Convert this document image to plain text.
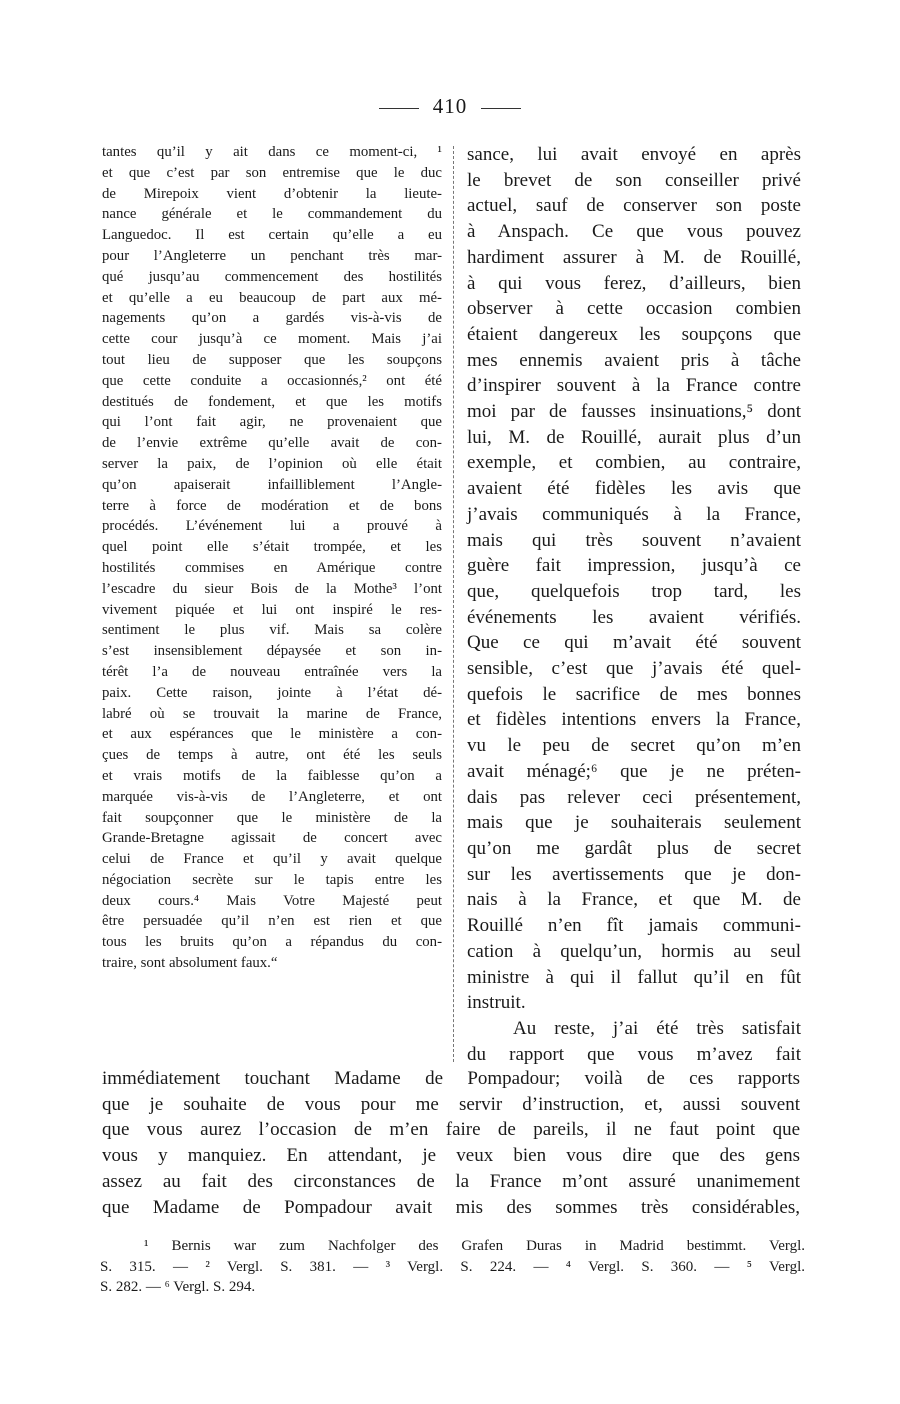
410
tantes qu’il y ait dans ce moment-ci, ¹
et que c’est par son entremise que le duc
de Mirepoix vient d’obtenir la lieute-
nance générale et le commandement du
Languedoc. Il est certain qu’elle a eu
pour l’Angleterre un penchant très mar-
qué jusqu’au commencement des hostilités
et qu’elle a eu beaucoup de part aux mé-
nagements qu’on a gardés vis-à-vis de
cette cour jusqu’à ce moment. Mais j’ai
tout lieu de supposer que les soupçons
que cette conduite a occasionnés,² ont été
destitués de fondement, et que les motifs
qui l’ont fait agir, ne provenaient que
de l’envie extrême qu’elle avait de con-
server la paix, de l’opinion où elle était
qu’on apaiserait infailliblement l’Angle-
terre à force de modération et de bons
procédés. L’événement lui a prouvé à
quel point elle s’était trompée, et les
hostilités commises en Amérique contre
l’escadre du sieur Bois de la Mothe³ l’ont
vivement piquée et lui ont inspiré le res-
sentiment le plus vif. Mais sa colère
s’est insensiblement dépaysée et son in-
térêt l’a de nouveau entraînée vers la
paix. Cette raison, jointe à l’état dé-
labré où se trouvait la marine de France,
et aux espérances que le ministère a con-
çues de temps à autre, ont été les seuls
et vrais motifs de la faiblesse qu’on a
marquée vis-à-vis de l’Angleterre, et ont
fait soupçonner que le ministère de la
Grande-Bretagne agissait de concert avec
celui de France et qu’il y avait quelque
négociation secrète sur le tapis entre les
deux cours.⁴ Mais Votre Majesté peut
être persuadée qu’il n’en est rien et que
tous les bruits qu’on a répandus du con-
traire, sont absolument faux.“
sance, lui avait envoyé en après
le brevet de son conseiller privé
actuel, sauf de conserver son poste
à Anspach. Ce que vous pouvez
hardiment assurer à M. de Rouillé,
à qui vous ferez, d’ailleurs, bien
observer à cette occasion combien
étaient dangereux les soupçons que
mes ennemis avaient pris à tâche
d’inspirer souvent à la France contre
moi par de fausses insinuations,⁵ dont
lui, M. de Rouillé, aurait plus d’un
exemple, et combien, au contraire,
avaient été fidèles les avis que
j’avais communiqués à la France,
mais qui très souvent n’avaient
guère fait impression, jusqu’à ce
que, quelquefois trop tard, les
événements les avaient vérifiés.
Que ce qui m’avait été souvent
sensible, c’est que j’avais été quel-
quefois le sacrifice de mes bonnes
et fidèles intentions envers la France,
vu le peu de secret qu’on m’en
avait ménagé;⁶ que je ne préten-
dais pas relever ceci présentement,
mais que je souhaiterais seulement
qu’on me gardât plus de secret
sur les avertissements que je don-
nais à la France, et que M. de
Rouillé n’en fît jamais communi-
cation à quelqu’un, hormis au seul
ministre à qui il fallut qu’il en fût
instruit.
Au reste, j’ai été très satisfait
du rapport que vous m’avez fait
immédiatement touchant Madame de Pompadour; voilà de ces rapports
que je souhaite de vous pour me servir d’instruction, et, aussi souvent
que vous aurez l’occasion de m’en faire de pareils, il ne faut point que
vous y manquiez. En attendant, je veux bien vous dire que des gens
assez au fait des circonstances de la France m’ont assuré unanimement
que Madame de Pompadour avait mis des sommes très considérables,
¹ Bernis war zum Nachfolger des Grafen Duras in Madrid bestimmt. Vergl.
S. 315. — ² Vergl. S. 381. — ³ Vergl. S. 224. — ⁴ Vergl. S. 360. — ⁵ Vergl.
S. 282. — ⁶ Vergl. S. 294.
